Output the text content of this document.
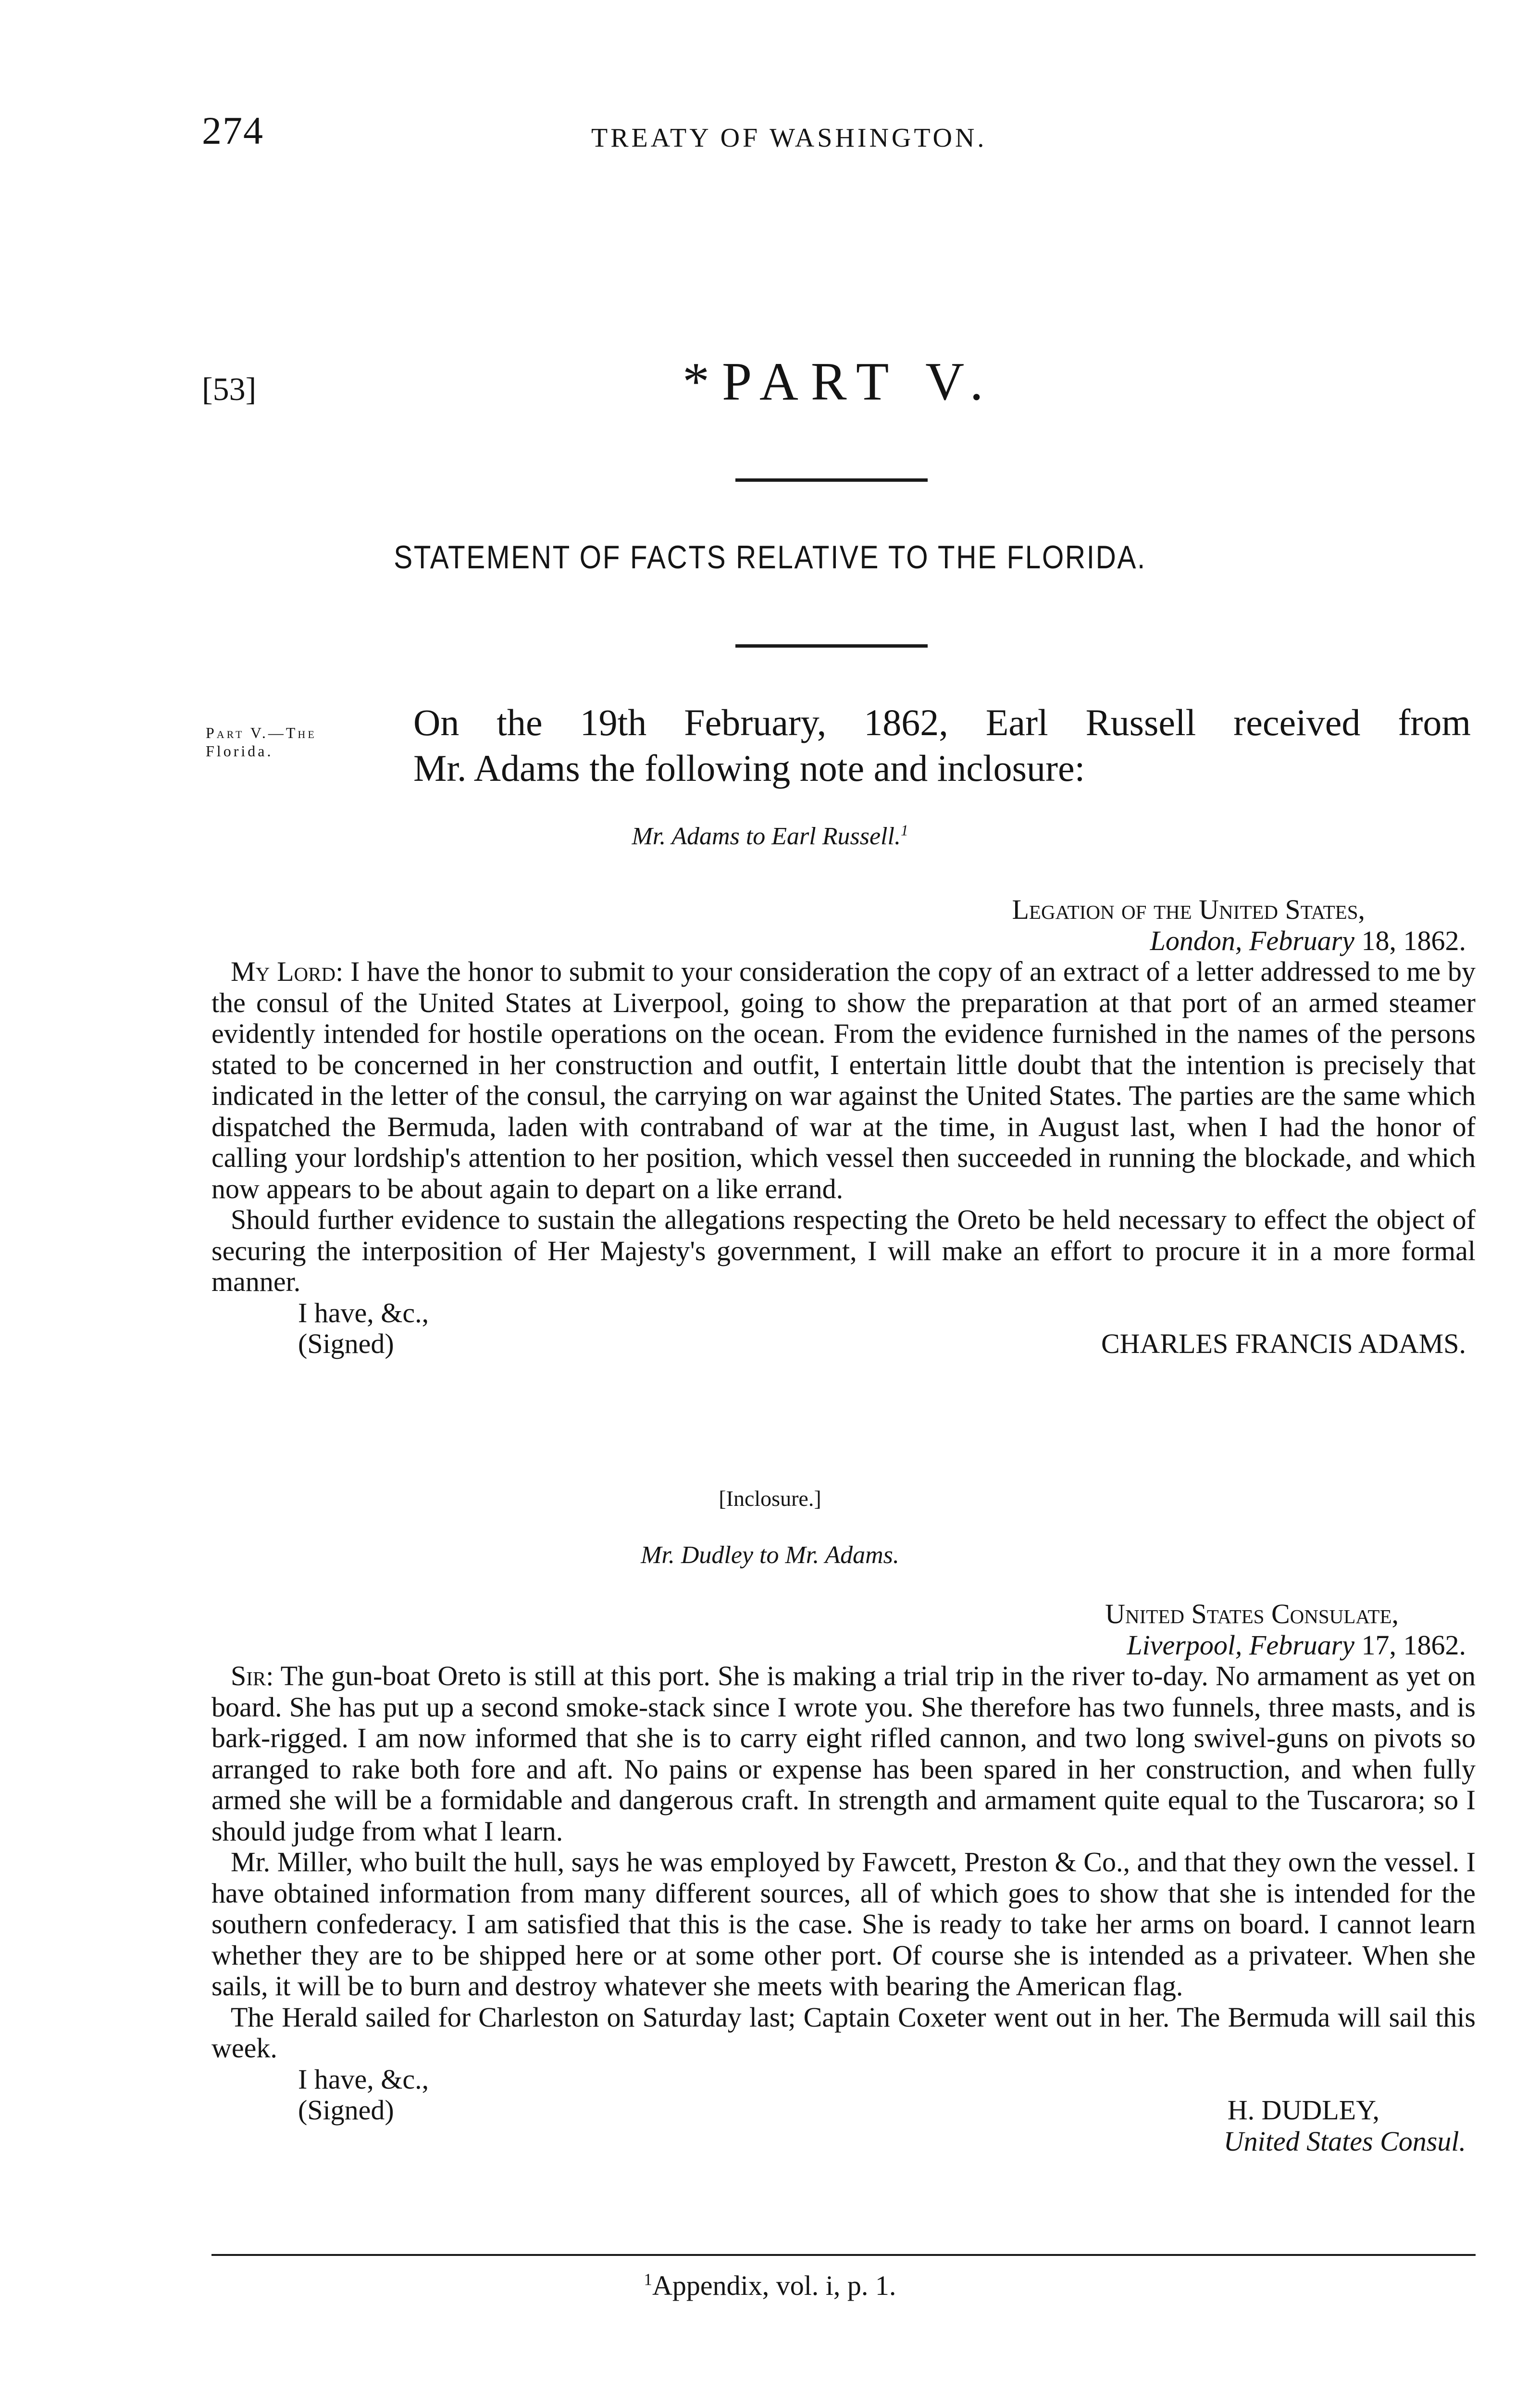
274	TREATY OF WASHINGTON.
[53]	*PART V.
STATEMENT OF FACTS RELATIVE TO THE FLORIDA.
Part V.—The
Florida.
On the 19th February, 1862, Earl Russell received from
Mr. Adams the following note and inclosure:
Mr. Adams to Earl Russell.$^1$
Legation of the United States,
London, February 18, 1862.

My Lord: I have the honor to submit to your consideration the copy of an extract of a letter addressed to me by the consul of the United States at Liverpool, going to show the preparation at that port of an armed steamer evidently intended for hostile operations on the ocean. From the evidence furnished in the names of the persons stated to be concerned in her construction and outfit, I entertain little doubt that the intention is precisely that indicated in the letter of the consul, the carrying on war against the United States. The parties are the same which dispatched the Bermuda, laden with contraband of war at the time, in August last, when I had the honor of calling your lordship's attention to her position, which vessel then succeeded in running the blockade, and which now appears to be about again to depart on a like errand.

Should further evidence to sustain the allegations respecting the Oreto be held necessary to effect the object of securing the interposition of Her Majesty's government, I will make an effort to procure it in a more formal manner.

I have, &c.,
(Signed)	CHARLES FRANCIS ADAMS.
[Inclosure.]
Mr. Dudley to Mr. Adams.
United States Consulate,
Liverpool, February 17, 1862.

Sir: The gun-boat Oreto is still at this port. She is making a trial trip in the river to-day. No armament as yet on board. She has put up a second smoke-stack since I wrote you. She therefore has two funnels, three masts, and is bark-rigged. I am now informed that she is to carry eight rifled cannon, and two long swivel-guns on pivots so arranged to rake both fore and aft. No pains or expense has been spared in her construction, and when fully armed she will be a formidable and dangerous craft. In strength and armament quite equal to the Tuscarora; so I should judge from what I learn.

Mr. Miller, who built the hull, says he was employed by Fawcett, Preston & Co., and that they own the vessel. I have obtained information from many different sources, all of which goes to show that she is intended for the southern confederacy. I am satisfied that this is the case. She is ready to take her arms on board. I cannot learn whether they are to be shipped here or at some other port. Of course she is intended as a privateer. When she sails, it will be to burn and destroy whatever she meets with bearing the American flag.

The Herald sailed for Charleston on Saturday last; Captain Coxeter went out in her. The Bermuda will sail this week.

I have, &c.,
(Signed)	H. DUDLEY,
United States Consul.
$^1$Appendix, vol. i, p. 1.
